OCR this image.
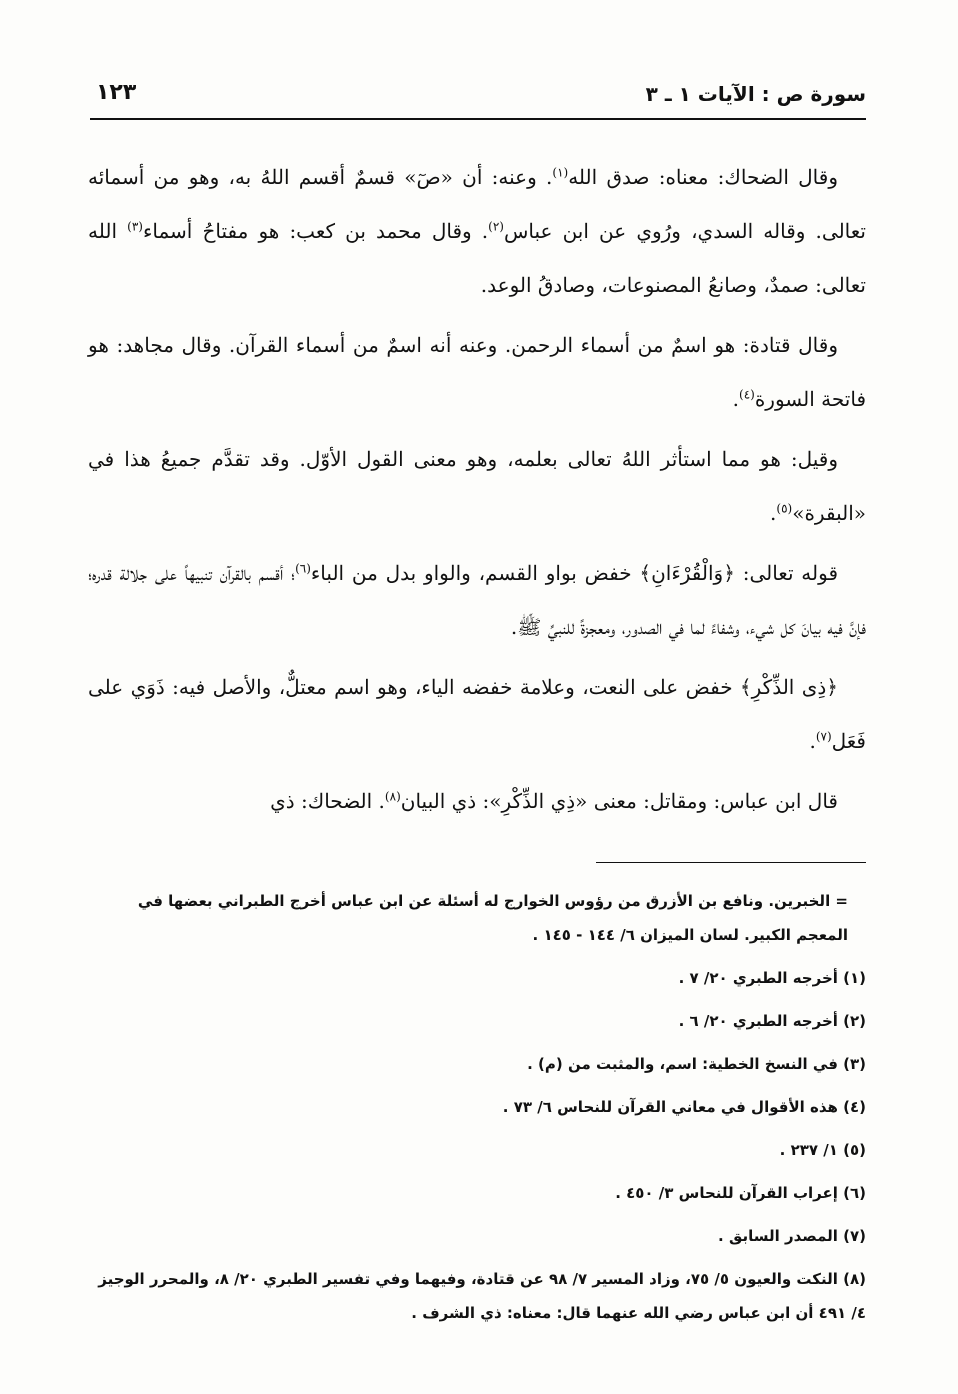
سورة ص : الآيات ١ ـ ٣
١٢٣

وقال الضحاك: معناه: صدق الله$^{(١)}$. وعنه: أن «صٓ» قسمٌ أقسم اللهُ به، وهو من أسمائه تعالى. وقاله السدي، ورُوي عن ابن عباس$^{(٢)}$. وقال محمد بن كعب: هو مفتاحُ أسماء$^{(٣)}$ الله تعالى: صمدٌ، وصانعُ المصنوعات، وصادقُ الوعد.

وقال قتادة: هو اسمٌ من أسماء الرحمن. وعنه أنه اسمٌ من أسماء القرآن. وقال مجاهد: هو فاتحة السورة$^{(٤)}$.

وقيل: هو مما استأثر اللهُ تعالى بعلمه، وهو معنى القول الأوّل. وقد تقدَّم جميعُ هذا في «البقرة»$^{(٥)}$.

قوله تعالى: ﴿وَالْقُرْءَانِ﴾ خفض بواو القسم، والواو بدل من الباء$^{(٦)}$؛ أقسم بالقرآن تنبيهاً على جلالة قدره؛ فإنَّ فيه بيانَ كل شيء، وشفاءً لما في الصدور، ومعجزةً للنبيِّ ﷺ.

﴿ذِى الذِّكْرِ﴾ خفض على النعت، وعلامة خفضه الياء، وهو اسم معتلٌّ، والأصل فيه: ذَوَي على فَعَل$^{(٧)}$.

قال ابن عباس: ومقاتل: معنى «ذِي الذِّكْرِ»: ذي البيان$^{(٨)}$. الضحاك: ذي

= الخبرين. ونافع بن الأزرق من رؤوس الخوارج له أسئلة عن ابن عباس أخرج الطبراني بعضها في المعجم الكبير. لسان الميزان ٦/ ١٤٤ - ١٤٥ .

(١) أخرجه الطبري ٢٠/ ٧ .

(٢) أخرجه الطبري ٢٠/ ٦ .

(٣) في النسخ الخطية: اسم، والمثبت من (م) .

(٤) هذه الأقوال في معاني القرآن للنحاس ٦/ ٧٣ .

(٥) ١/ ٢٣٧ .

(٦) إعراب القرآن للنحاس ٣/ ٤٥٠ .

(٧) المصدر السابق .

(٨) النكت والعيون ٥/ ٧٥، وزاد المسير ٧/ ٩٨ عن قتادة، وفيهما وفي تفسير الطبري ٢٠/ ٨، والمحرر الوجيز ٤/ ٤٩١ أن ابن عباس رضي الله عنهما قال: معناه: ذي الشرف .
